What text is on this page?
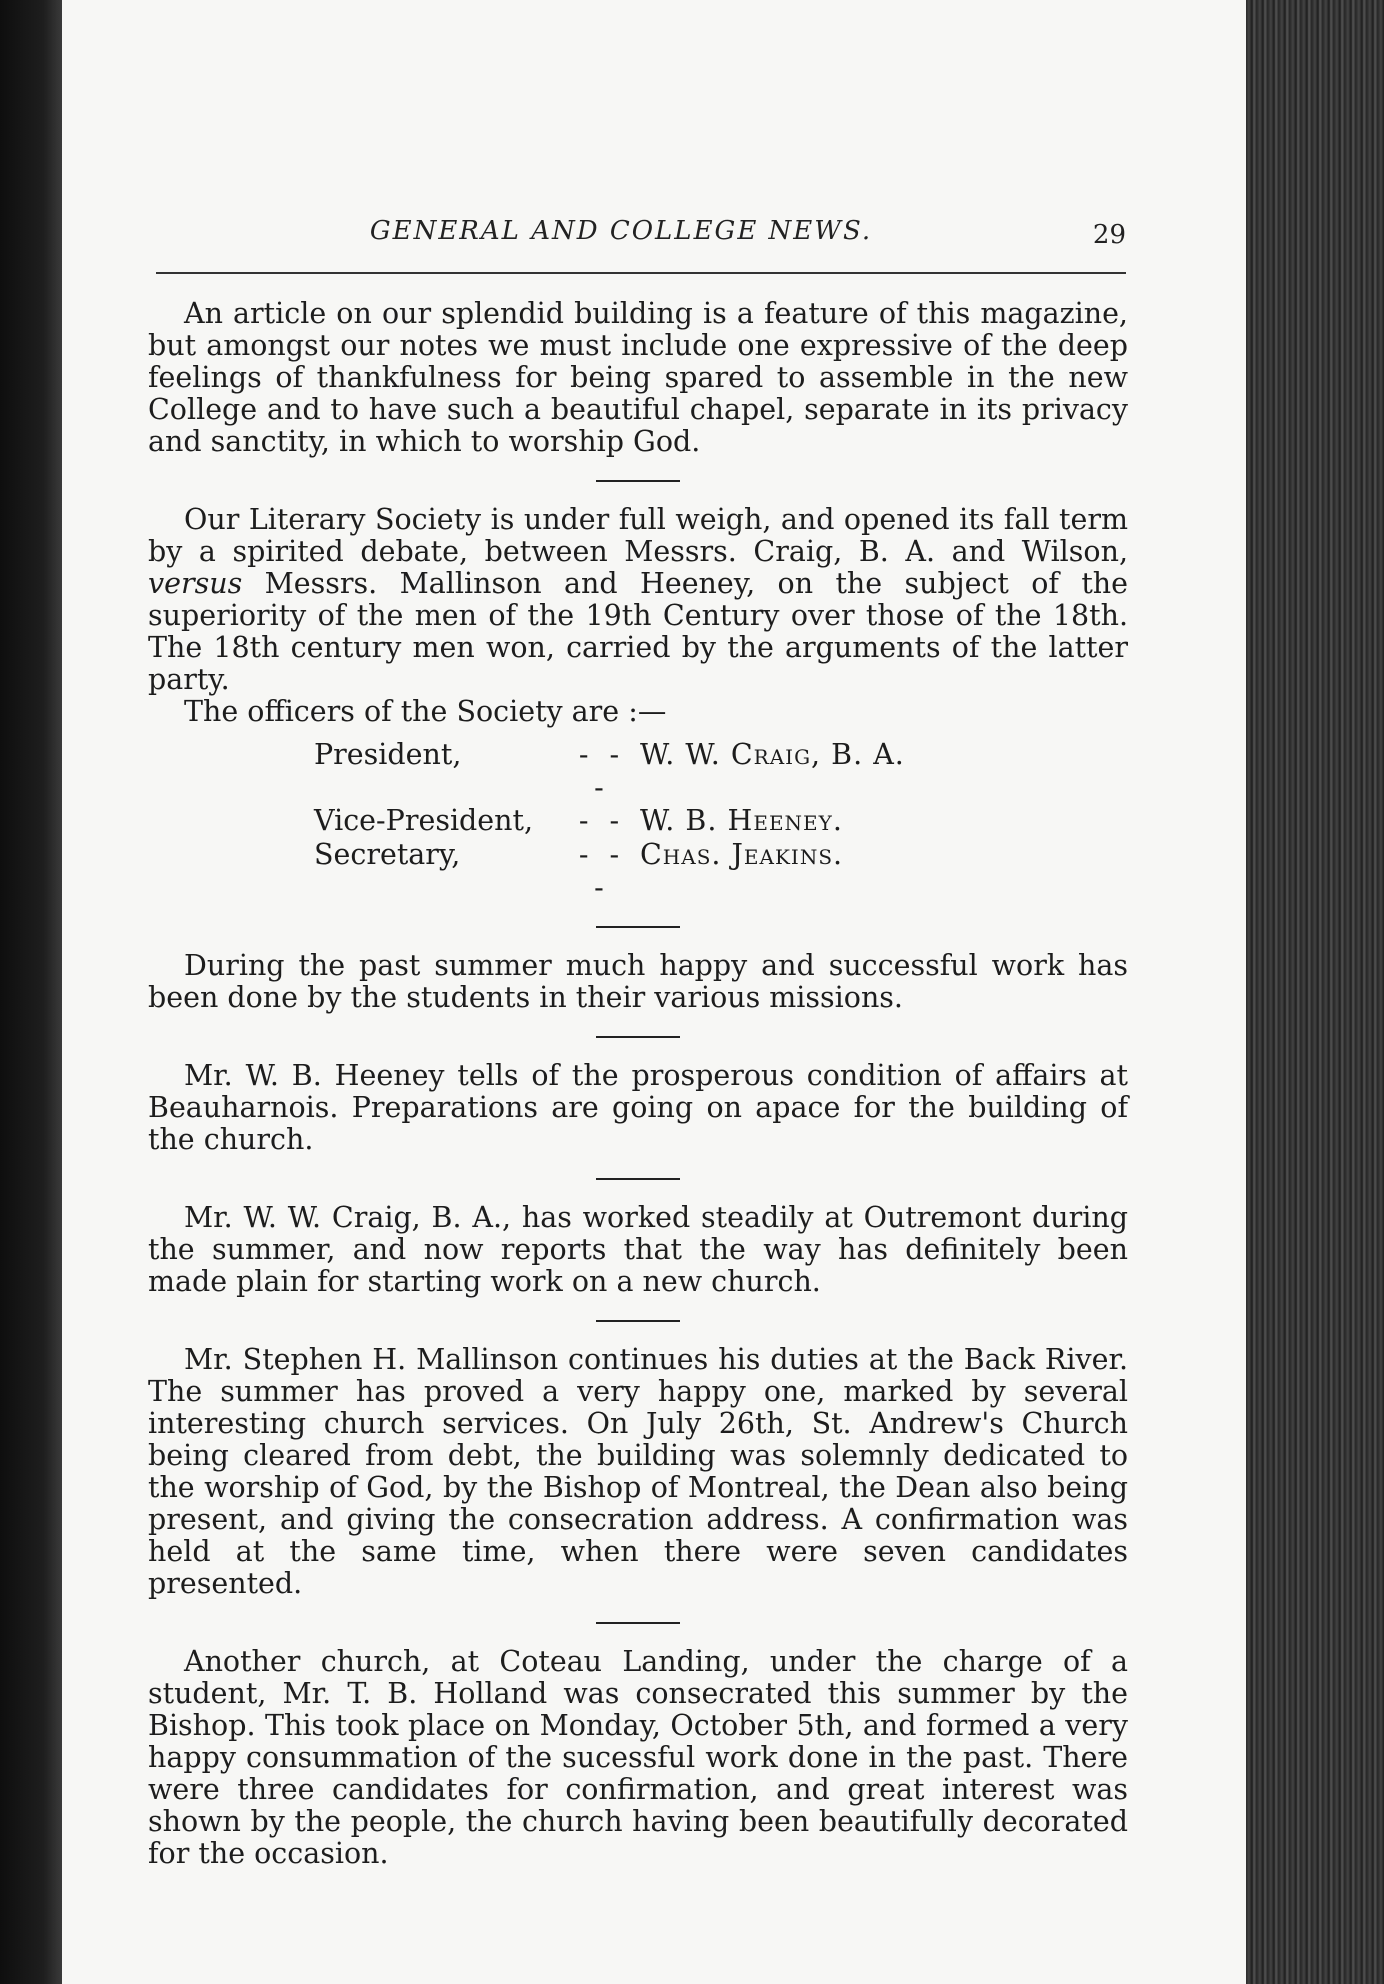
GENERAL AND COLLEGE NEWS.	29

An article on our splendid building is a feature of this magazine, but amongst our notes we must include one expressive of the deep feelings of thankfulness for being spared to assemble in the new College and to have such a beautiful chapel, separate in its privacy and sanctity, in which to worship God.

Our Literary Society is under full weigh, and opened its fall term by a spirited debate, between Messrs. Craig, B. A. and Wilson, versus Messrs. Mallinson and Heeney, on the subject of the superiority of the men of the 19th Century over those of the 18th. The 18th century men won, carried by the arguments of the latter party.

The officers of the Society are :—

President,	- - -	W. W. Craig, B. A.
Vice-President,	- -	W. B. Heeney.
Secretary,	- - -	Chas. Jeakins.

During the past summer much happy and successful work has been done by the students in their various missions.

Mr. W. B. Heeney tells of the prosperous condition of affairs at Beauharnois. Preparations are going on apace for the building of the church.

Mr. W. W. Craig, B. A., has worked steadily at Outremont during the summer, and now reports that the way has definitely been made plain for starting work on a new church.

Mr. Stephen H. Mallinson continues his duties at the Back River. The summer has proved a very happy one, marked by several interesting church services. On July 26th, St. Andrew's Church being cleared from debt, the building was solemnly dedicated to the worship of God, by the Bishop of Montreal, the Dean also being present, and giving the consecration address. A confirmation was held at the same time, when there were seven candidates presented.

Another church, at Coteau Landing, under the charge of a student, Mr. T. B. Holland was consecrated this summer by the Bishop. This took place on Monday, October 5th, and formed a very happy consummation of the sucessful work done in the past. There were three candidates for confirmation, and great interest was shown by the people, the church having been beautifully decorated for the occasion.
